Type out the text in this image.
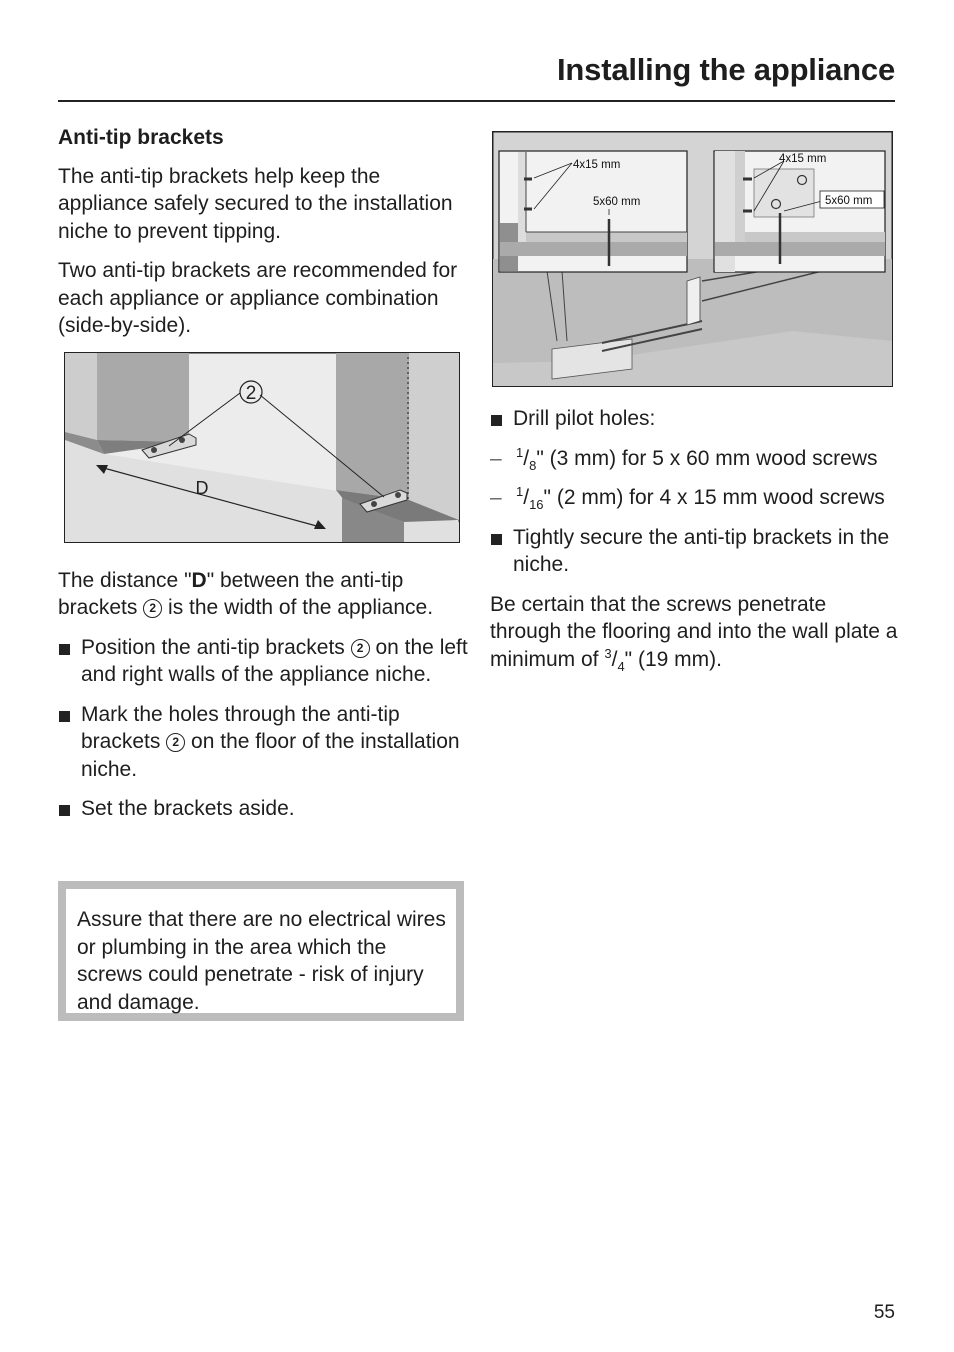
Installing the appliance

Anti-tip brackets

The anti-tip brackets help keep the appliance safely secured to the installation niche to prevent tipping.

Two anti-tip brackets are recommended for each appliance or appliance combination (side-by-side).

The distance "D" between the anti-tip brackets 2 is the width of the appliance.

Position the anti-tip brackets 2 on the left and right walls of the appliance niche.

Mark the holes through the anti-tip brackets 2 on the floor of the installation niche.

Set the brackets aside.

2
D
Assure that there are no electrical wires or plumbing in the area which the screws could penetrate - risk of injury and damage.
4x15 mm
5x60 mm
4x15 mm
5x60 mm

Drill pilot holes:

– $^1/_8$" (3 mm) for 5 x 60 mm wood screws

– $^1/_{16}$" (2 mm) for 4 x 15 mm wood screws

Tightly secure the anti-tip brackets in the niche.

Be certain that the screws penetrate through the flooring and into the wall plate a minimum of $^3/_4$" (19 mm).

55
